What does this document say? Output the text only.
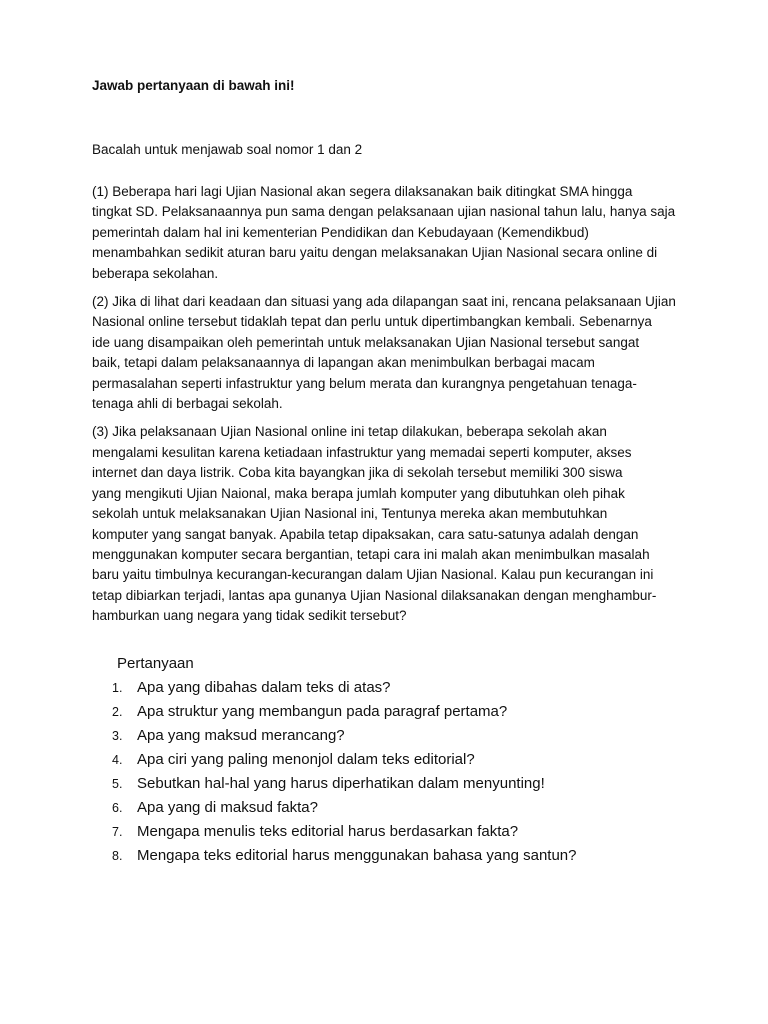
Jawab pertanyaan di bawah ini!
Bacalah untuk menjawab soal nomor 1 dan 2

(1) Beberapa hari lagi Ujian Nasional akan segera dilaksanakan baik ditingkat SMA hingga
tingkat SD. Pelaksanaannya pun sama dengan pelaksanaan ujian nasional tahun lalu, hanya saja
pemerintah dalam hal ini kementerian Pendidikan dan Kebudayaan (Kemendikbud)
menambahkan sedikit aturan baru yaitu dengan melaksanakan Ujian Nasional secara online di
beberapa sekolahan.

(2) Jika di lihat dari keadaan dan situasi yang ada dilapangan saat ini, rencana pelaksanaan Ujian
Nasional online tersebut tidaklah tepat dan perlu untuk dipertimbangkan kembali. Sebenarnya
ide uang disampaikan oleh pemerintah untuk melaksanakan Ujian Nasional tersebut sangat
baik, tetapi dalam pelaksanaannya di lapangan akan menimbulkan berbagai macam
permasalahan seperti infastruktur yang belum merata dan kurangnya pengetahuan tenaga-
tenaga ahli di berbagai sekolah.

(3) Jika pelaksanaan Ujian Nasional online ini tetap dilakukan, beberapa sekolah akan
mengalami kesulitan karena ketiadaan infastruktur yang memadai seperti komputer, akses
internet dan daya listrik. Coba kita bayangkan jika di sekolah tersebut memiliki 300 siswa
yang mengikuti Ujian Naional, maka berapa jumlah komputer yang dibutuhkan oleh pihak
sekolah untuk melaksanakan Ujian Nasional ini, Tentunya mereka akan membutuhkan
komputer yang sangat banyak. Apabila tetap dipaksakan, cara satu-satunya adalah dengan
menggunakan komputer secara bergantian, tetapi cara ini malah akan menimbulkan masalah
baru yaitu timbulnya kecurangan-kecurangan dalam Ujian Nasional. Kalau pun kecurangan ini
tetap dibiarkan terjadi, lantas apa gunanya Ujian Nasional dilaksanakan dengan menghambur-
hamburkan uang negara yang tidak sedikit tersebut?

Pertanyaan
1. Apa yang dibahas dalam teks di atas?
2. Apa struktur yang membangun pada paragraf pertama?
3. Apa yang maksud merancang?
4. Apa ciri yang paling menonjol dalam teks editorial?
5. Sebutkan hal-hal yang harus diperhatikan dalam menyunting!
6. Apa yang di maksud fakta?
7. Mengapa menulis teks editorial harus berdasarkan fakta?
8. Mengapa teks editorial harus menggunakan bahasa yang santun?
